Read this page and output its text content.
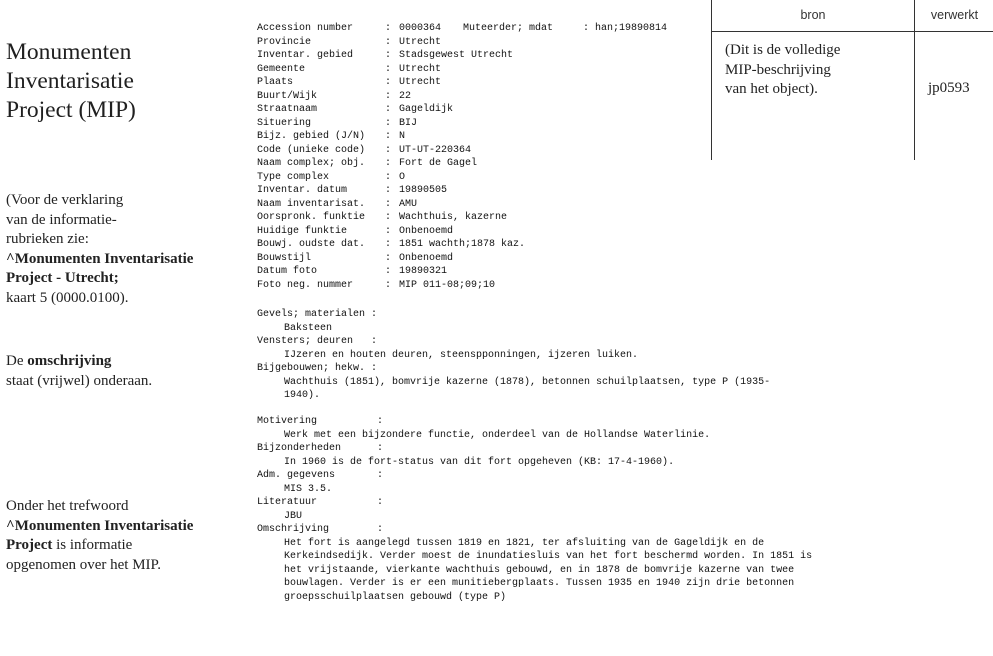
Monumenten
Inventarisatie
Project (MIP)
(Voor de verklaring
van de informatie-
rubrieken zie:
^Monumenten Inventarisatie
Project - Utrecht;
kaart 5 (0000.0100).
De omschrijving
staat (vrijwel) onderaan.
Onder het trefwoord
^Monumenten Inventarisatie
Project is informatie
opgenomen over het MIP.
bron	verwerkt
(Dit is de volledige
MIP-beschrijving
van het object).	jp0593
Accession number	: 0000364 Muteerder; mdat     : han;19890814
Provincie	: Utrecht
Inventar. gebied	: Stadsgewest Utrecht
Gemeente	: Utrecht
Plaats	: Utrecht
Buurt/Wijk	: 22
Straatnaam	: Gageldijk
Situering	: BIJ
Bijz. gebied (J/N)	: N
Code (unieke code)	: UT-UT-220364
Naam complex; obj.	: Fort de Gagel
Type complex	: O
Inventar. datum	: 19890505
Naam inventarisat.	: AMU
Oorspronk. funktie	: Wachthuis, kazerne
Huidige funktie	: Onbenoemd
Bouwj. oudste dat.	: 1851 wachth;1878 kaz.
Bouwstijl	: Onbenoemd
Datum foto	: 19890321
Foto neg. nummer	: MIP 011-08;09;10
Gevels; materialen :
Baksteen
Vensters; deuren   :
IJzeren en houten deuren, steenspponningen, ijzeren luiken.
Bijgebouwen; hekw. :
Wachthuis (1851), bomvrije kazerne (1878), betonnen schuilplaatsen, type P (1935-1940).
Motivering          :
Werk met een bijzondere functie, onderdeel van de Hollandse Waterlinie.
Bijzonderheden      :
In 1960 is de fort-status van dit fort opgeheven (KB: 17-4-1960).
Adm. gegevens       :
MIS 3.5.
Literatuur          :
JBU
Omschrijving        :
Het fort is aangelegd tussen 1819 en 1821, ter afsluiting van de Gageldijk en de Kerkeindsedijk. Verder moest de inundatiesluis van het fort beschermd worden. In 1851 is het vrijstaande, vierkante wachthuis gebouwd, en in 1878 de bomvrije kazerne van twee bouwlagen. Verder is er een munitiebergplaats. Tussen 1935 en 1940 zijn drie betonnen groepsschuilplaatsen gebouwd (type P)
